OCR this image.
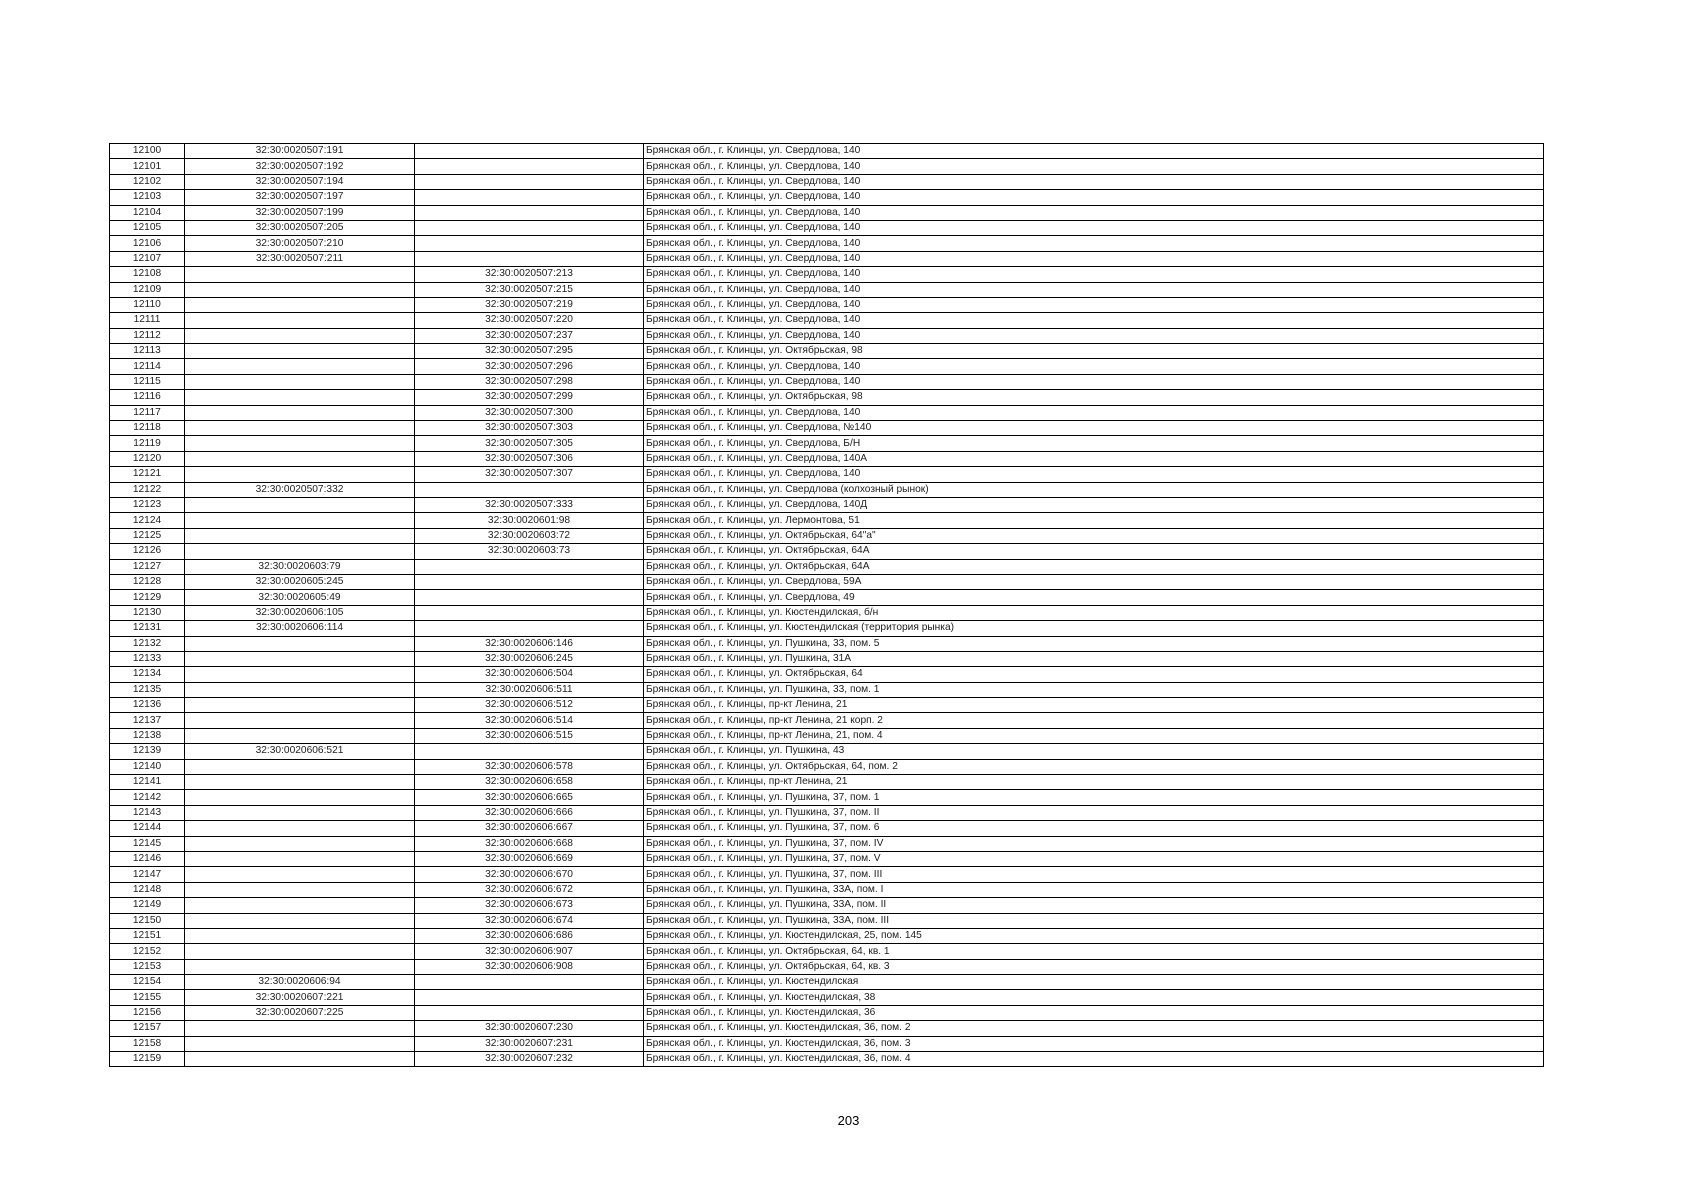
12100	32:30:0020507:191		Брянская обл., г. Клинцы, ул. Свердлова, 140
12101	32:30:0020507:192		Брянская обл., г. Клинцы, ул. Свердлова, 140
12102	32:30:0020507:194		Брянская обл., г. Клинцы, ул. Свердлова, 140
12103	32:30:0020507:197		Брянская обл., г. Клинцы, ул. Свердлова, 140
12104	32:30:0020507:199		Брянская обл., г. Клинцы, ул. Свердлова, 140
12105	32:30:0020507:205		Брянская обл., г. Клинцы, ул. Свердлова, 140
12106	32:30:0020507:210		Брянская обл., г. Клинцы, ул. Свердлова, 140
12107	32:30:0020507:211		Брянская обл., г. Клинцы, ул. Свердлова, 140
12108		32:30:0020507:213	Брянская обл., г. Клинцы, ул. Свердлова, 140
12109		32:30:0020507:215	Брянская обл., г. Клинцы, ул. Свердлова, 140
12110		32:30:0020507:219	Брянская обл., г. Клинцы, ул. Свердлова, 140
12111		32:30:0020507:220	Брянская обл., г. Клинцы, ул. Свердлова, 140
12112		32:30:0020507:237	Брянская обл., г. Клинцы, ул. Свердлова, 140
12113		32:30:0020507:295	Брянская обл., г. Клинцы, ул. Октябрьская, 98
12114		32:30:0020507:296	Брянская обл., г. Клинцы, ул. Свердлова, 140
12115		32:30:0020507:298	Брянская обл., г. Клинцы, ул. Свердлова, 140
12116		32:30:0020507:299	Брянская обл., г. Клинцы, ул. Октябрьская, 98
12117		32:30:0020507:300	Брянская обл., г. Клинцы, ул. Свердлова, 140
12118		32:30:0020507:303	Брянская обл., г. Клинцы, ул. Свердлова, №140
12119		32:30:0020507:305	Брянская обл., г. Клинцы, ул. Свердлова, Б/Н
12120		32:30:0020507:306	Брянская обл., г. Клинцы, ул. Свердлова, 140А
12121		32:30:0020507:307	Брянская обл., г. Клинцы, ул. Свердлова, 140
12122	32:30:0020507:332		Брянская обл., г. Клинцы, ул. Свердлова (колхозный рынок)
12123		32:30:0020507:333	Брянская обл., г. Клинцы, ул. Свердлова, 140Д
12124		32:30:0020601:98	Брянская обл., г. Клинцы, ул. Лермонтова, 51
12125		32:30:0020603:72	Брянская обл., г. Клинцы, ул. Октябрьская, 64"а"
12126		32:30:0020603:73	Брянская обл., г. Клинцы, ул. Октябрьская, 64А
12127	32:30:0020603:79		Брянская обл., г. Клинцы, ул. Октябрьская, 64А
12128	32:30:0020605:245		Брянская обл., г. Клинцы, ул. Свердлова, 59А
12129	32:30:0020605:49		Брянская обл., г. Клинцы, ул. Свердлова, 49
12130	32:30:0020606:105		Брянская обл., г. Клинцы, ул. Кюстендилская, б/н
12131	32:30:0020606:114		Брянская обл., г. Клинцы, ул. Кюстендилская (территория рынка)
12132		32:30:0020606:146	Брянская обл., г. Клинцы, ул. Пушкина, 33, пом. 5
12133		32:30:0020606:245	Брянская обл., г. Клинцы, ул. Пушкина, 31А
12134		32:30:0020606:504	Брянская обл., г. Клинцы, ул. Октябрьская, 64
12135		32:30:0020606:511	Брянская обл., г. Клинцы, ул. Пушкина, 33, пом. 1
12136		32:30:0020606:512	Брянская обл., г. Клинцы, пр-кт Ленина, 21
12137		32:30:0020606:514	Брянская обл., г. Клинцы, пр-кт Ленина, 21 корп. 2
12138		32:30:0020606:515	Брянская обл., г. Клинцы, пр-кт Ленина, 21, пом. 4
12139	32:30:0020606:521		Брянская обл., г. Клинцы, ул. Пушкина, 43
12140		32:30:0020606:578	Брянская обл., г. Клинцы, ул. Октябрьская, 64, пом. 2
12141		32:30:0020606:658	Брянская обл., г. Клинцы, пр-кт Ленина, 21
12142		32:30:0020606:665	Брянская обл., г. Клинцы, ул. Пушкина, 37, пом. 1
12143		32:30:0020606:666	Брянская обл., г. Клинцы, ул. Пушкина, 37, пом. II
12144		32:30:0020606:667	Брянская обл., г. Клинцы, ул. Пушкина, 37, пом. 6
12145		32:30:0020606:668	Брянская обл., г. Клинцы, ул. Пушкина, 37, пом. IV
12146		32:30:0020606:669	Брянская обл., г. Клинцы, ул. Пушкина, 37, пом. V
12147		32:30:0020606:670	Брянская обл., г. Клинцы, ул. Пушкина, 37, пом. III
12148		32:30:0020606:672	Брянская обл., г. Клинцы, ул. Пушкина, 33А, пом. I
12149		32:30:0020606:673	Брянская обл., г. Клинцы, ул. Пушкина, 33А, пом. II
12150		32:30:0020606:674	Брянская обл., г. Клинцы, ул. Пушкина, 33А, пом. III
12151		32:30:0020606:686	Брянская обл., г. Клинцы, ул. Кюстендилская, 25, пом. 145
12152		32:30:0020606:907	Брянская обл., г. Клинцы, ул. Октябрьская, 64, кв. 1
12153		32:30:0020606:908	Брянская обл., г. Клинцы, ул. Октябрьская, 64, кв. 3
12154	32:30:0020606:94		Брянская обл., г. Клинцы, ул. Кюстендилская
12155	32:30:0020607:221		Брянская обл., г. Клинцы, ул. Кюстендилская, 38
12156	32:30:0020607:225		Брянская обл., г. Клинцы, ул. Кюстендилская, 36
12157		32:30:0020607:230	Брянская обл., г. Клинцы, ул. Кюстендилская, 36, пом. 2
12158		32:30:0020607:231	Брянская обл., г. Клинцы, ул. Кюстендилская, 36, пом. 3
12159		32:30:0020607:232	Брянская обл., г. Клинцы, ул. Кюстендилская, 36, пом. 4
203
